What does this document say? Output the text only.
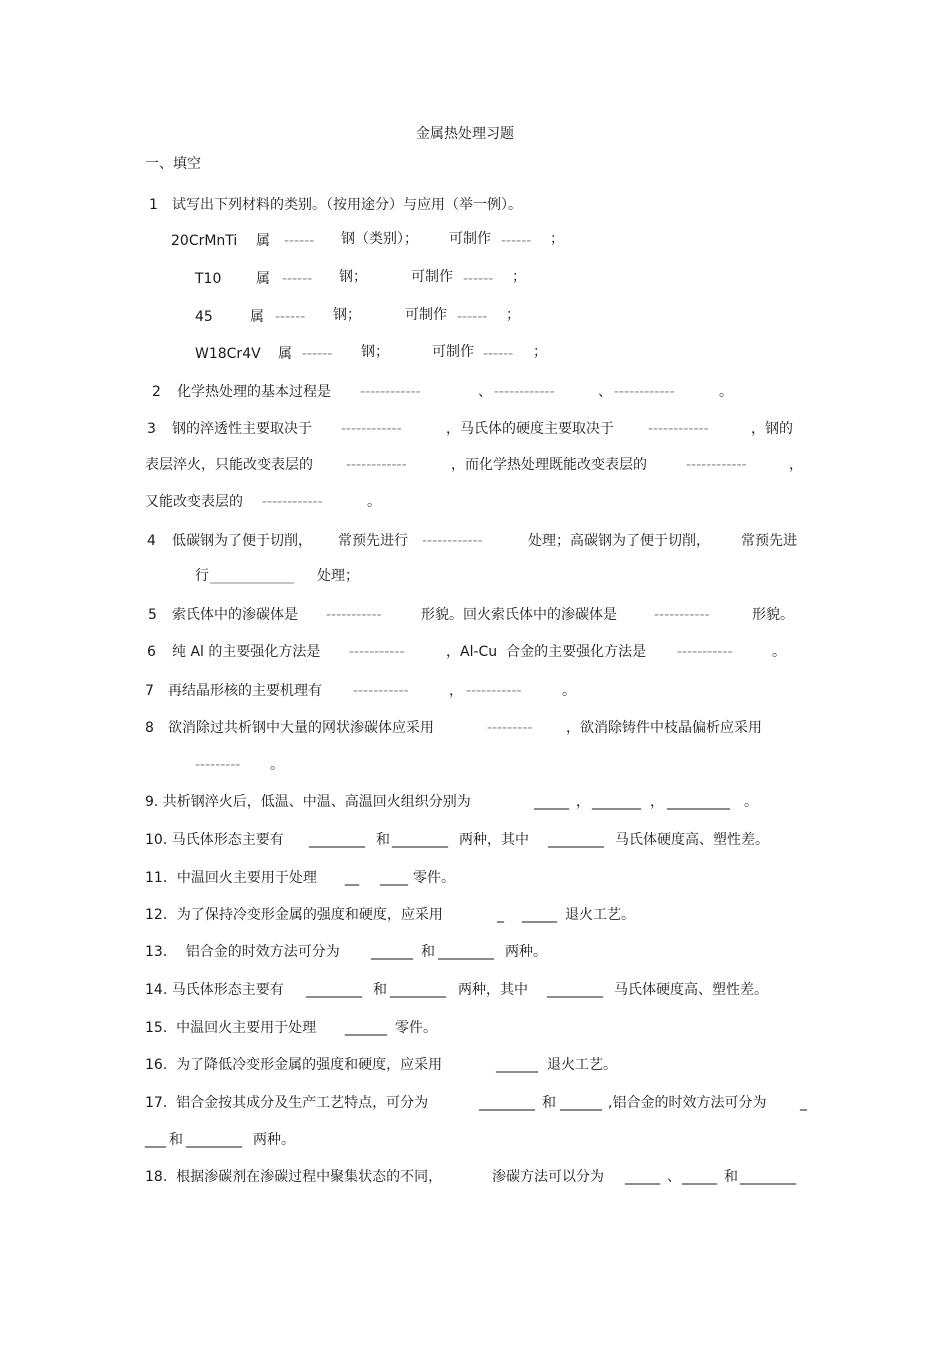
金属热处理习题
一、填空
1 试写出下列材料的类别。（按用途分）与应用（举一例）。
20CrMnTi 属 ------ 钢（类别）； 可制作 ------ ；
T10 属 ------ 钢；	可制作 ------ ；
45	属 ------ 钢；	可制作 ------ ；
W18Cr4V 属 ------ 钢；	可制作 ------ ；
2 化学热处理的基本过程是 ------------	、 ------------	、 ------------	。
3 钢的淬透性主要取决于 ------------	，马氏体的硬度主要取决于 ------------	，钢的
表层淬火，只能改变表层的 ------------	，而化学热处理既能改变表层的	------------	，
又能改变表层的 ------------	。
4 低碳钢为了便于切削， 常预先进行 ------------	处理；高碳钢为了便于切削， 常预先进
行 ____________ 处理；
5 索氏体中的渗碳体是 -----------	形貌。回火索氏体中的渗碳体是	-----------	形貌。
6 纯 Al 的主要强化方法是 -----------	，Al-Cu  合金的主要强化方法是 -----------	。
7 再结晶形核的主要机理有 -----------	， -----------	。
8 欲消除过共析钢中大量的网状渗碳体应采用	--------- ，欲消除铸件中枝晶偏析应采用
--------- 。
9. 共析钢淬火后，低温、中温、高温回火组织分别为	_____ ， _______ ， _________ 。
10. 马氏体形态主要有 ________ 和 ________ 两种，其中 ________ 马氏体硬度高、塑性差。
11．中温回火主要用于处理 __ ____ 零件。
12．为了保持冷变形金属的强度和硬度，应采用	_ _____ 退火工艺。
13．  铝合金的时效方法可分为 ______ 和 ________ 两种。
14. 马氏体形态主要有 ________ 和 ________ 两种，其中 ________ 马氏体硬度高、塑性差。
15.  中温回火主要用于处理 ______ 零件。
16.  为了降低冷变形金属的强度和硬度，应采用	______ 退火工艺。
17.  铝合金按其成分及生产工艺特点，可分为	________ 和 ______ ,铝合金的时效方法可分为 _
___ 和 ________ 两种。
18.  根据渗碳剂在渗碳过程中聚集状态的不同，	渗碳方法可以分为 _____ 、 _____ 和 ________
